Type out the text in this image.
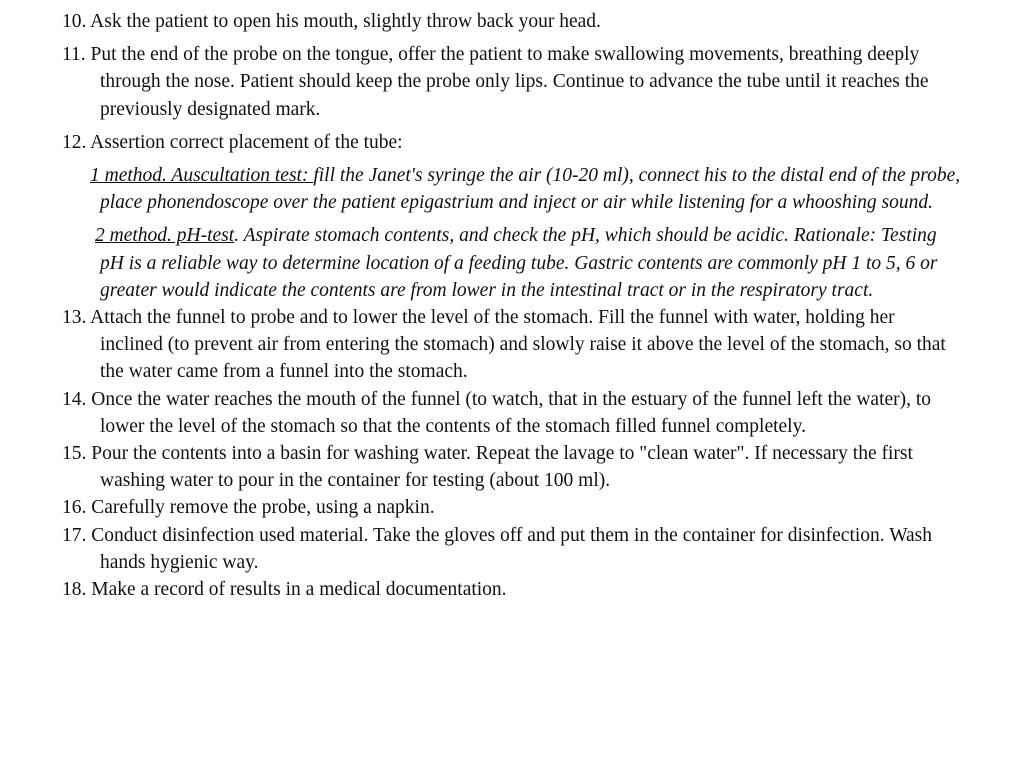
10. Ask the patient to open his mouth, slightly throw back your head.

11. Put the end of the probe on the tongue, offer the patient to make swallowing movements, breathing deeply through the nose. Patient should keep the probe only lips. Continue to advance the tube until it reaches the previously designated mark.

12. Assertion correct placement of the tube:

1 method. Auscultation test: fill the Janet's syringe the air (10-20 ml), connect his to the distal end of the probe, place phonendoscope over the patient epigastrium and inject or air while listening for a whooshing sound.

2 method. pH-test. Aspirate stomach contents, and check the pH, which should be acidic. Rationale: Testing pH is a reliable way to determine location of a feeding tube. Gastric contents are commonly pH 1 to 5, 6 or greater would indicate the contents are from lower in the intestinal tract or in the respiratory tract.

13. Attach the funnel to probe and to lower the level of the stomach. Fill the funnel with water, holding her inclined (to prevent air from entering the stomach) and slowly raise it above the level of the stomach, so that the water came from a funnel into the stomach.

14. Once the water reaches the mouth of the funnel (to watch, that in the estuary of the funnel left the water), to lower the level of the stomach so that the contents of the stomach filled funnel completely.

15. Pour the contents into a basin for washing water. Repeat the lavage to "clean water". If necessary the first washing water to pour in the container for testing (about 100 ml).

16. Carefully remove the probe, using a napkin.

17. Conduct disinfection used material. Take the gloves off and put them in the container for disinfection. Wash hands hygienic way.

18. Make a record of results in a medical documentation.
